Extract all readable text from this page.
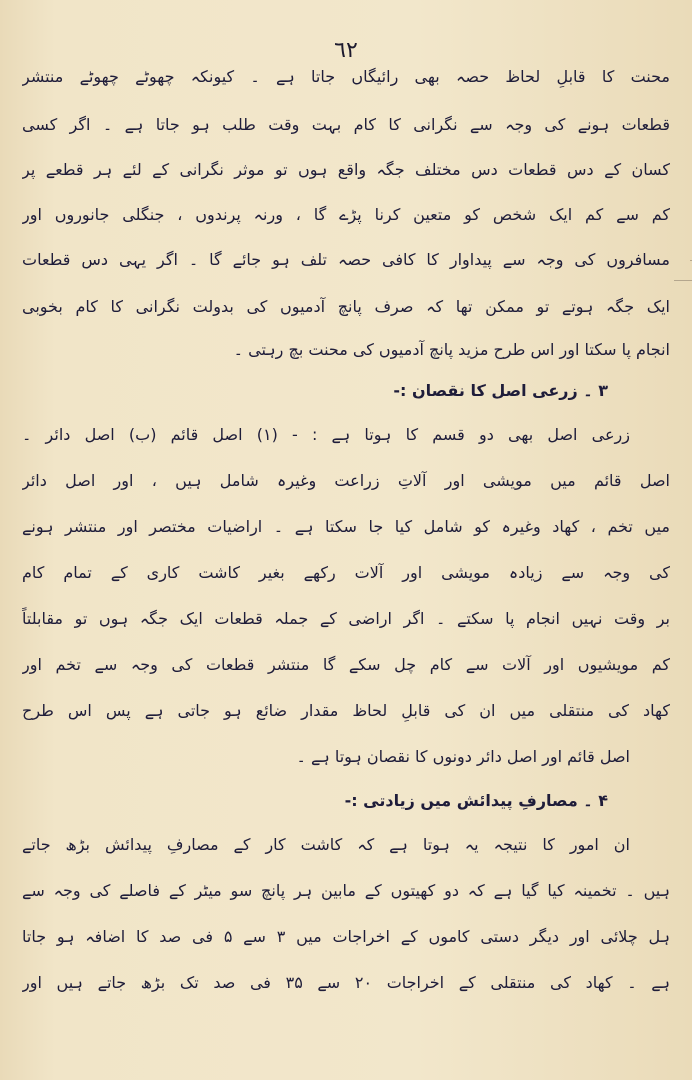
٦٢
محنت کا قابلِ لحاظ حصہ بھی رائیگاں جاتا ہے ۔ کیونکہ چھوٹے چھوٹے منتشر
قطعات ہونے کی وجہ سے نگرانی کا کام بہت وقت طلب ہو جاتا ہے ۔ اگر کسی
کسان کے دس قطعات دس مختلف جگہ واقع ہوں تو موثر نگرانی کے لئے ہر قطعے پر
کم سے کم ایک شخص کو متعین کرنا پڑے گا ، ورنہ پرندوں ، جنگلی جانوروں اور
مسافروں کی وجہ سے پیداوار کا کافی حصہ تلف ہو جائے گا ۔ اگر یہی دس قطعات
ایک جگہ ہوتے تو ممکن تھا کہ صرف پانچ آدمیوں کی بدولت نگرانی کا کام بخوبی
انجام پا سکتا اور اس طرح مزید پانچ آدمیوں کی محنت بچ رہتی ۔
۳ ۔ زرعی اصل کا نقصان :-
زرعی اصل بھی دو قسم کا ہوتا ہے : - (۱) اصل قائم (ب) اصل دائر ۔
اصل قائم میں مویشی اور آلاتِ زراعت وغیرہ شامل ہیں ، اور اصل دائر
میں تخم ، کھاد وغیرہ کو شامل کیا جا سکتا ہے ۔ اراضیات مختصر اور منتشر ہونے
کی وجہ سے زیادہ مویشی اور آلات رکھے بغیر کاشت کاری کے تمام کام
بر وقت نہیں انجام پا سکتے ۔ اگر اراضی کے جملہ قطعات ایک جگہ ہوں تو مقابلتاً
کم مویشیوں اور آلات سے کام چل سکے گا منتشر قطعات کی وجہ سے تخم اور
کھاد کی منتقلی میں ان کی قابلِ لحاظ مقدار ضائع ہو جاتی ہے پس اس طرح
اصل قائم اور اصل دائر دونوں کا نقصان ہوتا ہے ۔
۴ ۔ مصارفِ پیدائش میں زیادتی :-
ان امور کا نتیجہ یہ ہوتا ہے کہ کاشت کار کے مصارفِ پیدائش بڑھ جاتے
ہیں ۔ تخمینہ کیا گیا ہے کہ دو کھیتوں کے مابین ہر پانچ سو میٹر کے فاصلے کی وجہ سے
ہل چلائی اور دیگر دستی کاموں کے اخراجات میں ۳ سے ۵ فی صد کا اضافہ ہو جاتا
ہے ۔ کھاد کی منتقلی کے اخراجات ۲۰ سے ۳۵ فی صد تک بڑھ جاتے ہیں اور
